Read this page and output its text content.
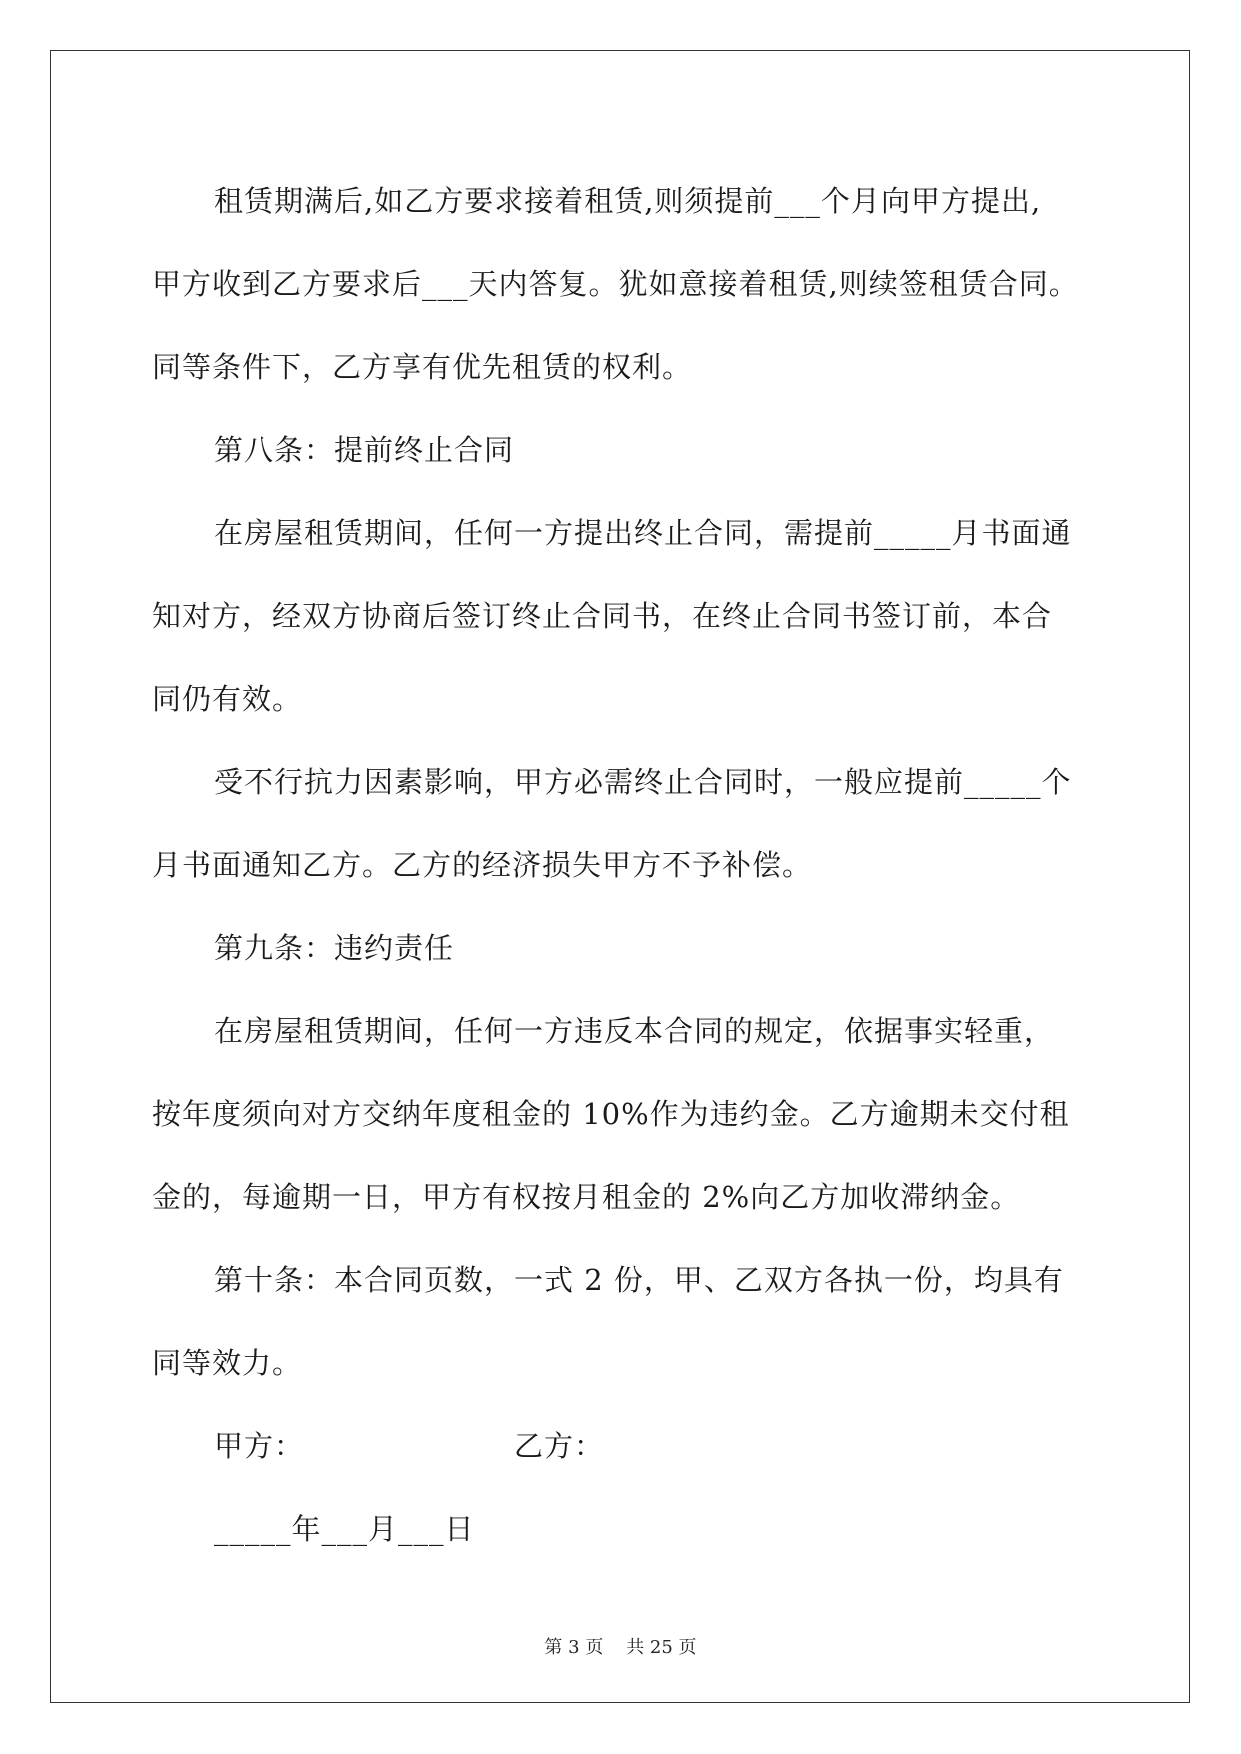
租赁期满后,如乙方要求接着租赁,则须提前___个月向甲方提出,
甲方收到乙方要求后___天内答复。犹如意接着租赁,则续签租赁合同。
同等条件下，乙方享有优先租赁的权利。
第八条：提前终止合同
在房屋租赁期间，任何一方提出终止合同，需提前_____月书面通
知对方，经双方协商后签订终止合同书，在终止合同书签订前，本合
同仍有效。
受不行抗力因素影响，甲方必需终止合同时，一般应提前_____个
月书面通知乙方。乙方的经济损失甲方不予补偿。
第九条：违约责任
在房屋租赁期间，任何一方违反本合同的规定，依据事实轻重，
按年度须向对方交纳年度租金的 10%作为违约金。乙方逾期未交付租
金的，每逾期一日，甲方有权按月租金的 2%向乙方加收滞纳金。
第十条：本合同页数，一式 2 份，甲、乙双方各执一份，均具有
同等效力。
甲方：	乙方：
_____年___月___日
第 3 页    共 25 页
